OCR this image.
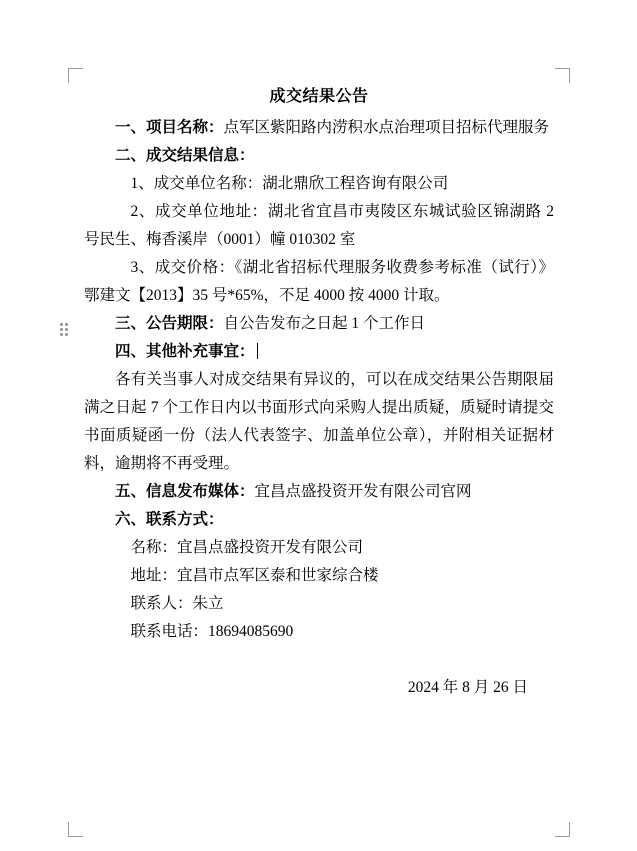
成交结果公告

一、项目名称：点军区紫阳路内涝积水点治理项目招标代理服务

二、成交结果信息：

1、成交单位名称：湖北鼎欣工程咨询有限公司

2、成交单位地址：湖北省宜昌市夷陵区东城试验区锦湖路 2 号民生、梅香溪岸（0001）幢 010302 室

3、成交价格：《湖北省招标代理服务收费参考标准（试行）》鄂建文【2013】35 号*65%，不足 4000 按 4000 计取。

三、公告期限：自公告发布之日起 1 个工作日

四、其他补充事宜：

各有关当事人对成交结果有异议的，可以在成交结果公告期限届满之日起 7 个工作日内以书面形式向采购人提出质疑，质疑时请提交书面质疑函一份（法人代表签字、加盖单位公章），并附相关证据材料，逾期将不再受理。

五、信息发布媒体：宜昌点盛投资开发有限公司官网

六、联系方式：

名称：宜昌点盛投资开发有限公司

地址：宜昌市点军区泰和世家综合楼

联系人：朱立

联系电话：18694085690

2024 年 8 月 26 日
